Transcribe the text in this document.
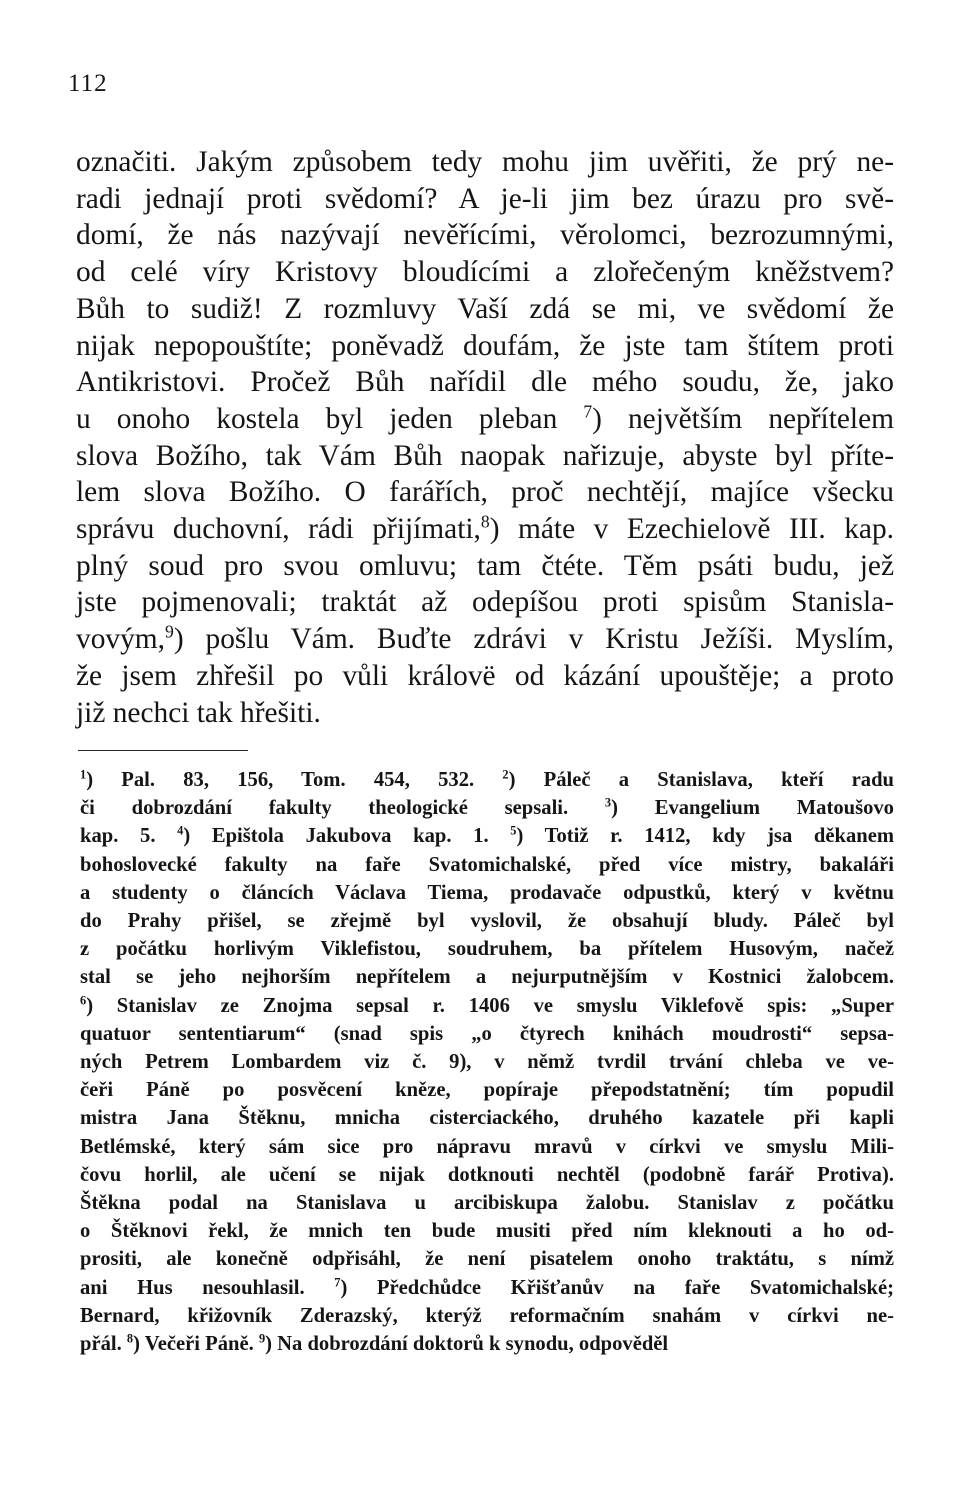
112
označiti. Jakým způsobem tedy mohu jim uvěřiti, že prý ne-
radi jednají proti svědomí? A je-li jim bez úrazu pro svě-
domí, že nás nazývají nevěřícími, věrolomci, bezrozumnými,
od celé víry Kristovy bloudícími a zlořečeným kněžstvem?
Bůh to sudiž! Z rozmluvy Vaší zdá se mi, ve svědomí že
nijak nepopouštíte; poněvadž doufám, že jste tam štítem proti
Antikristovi. Pročež Bůh nařídil dle mého soudu, že, jako
u onoho kostela byl jeden pleban $^7$) největším nepřítelem
slova Božího, tak Vám Bůh naopak nařizuje, abyste byl příte-
lem slova Božího. O farářích, proč nechtějí, majíce všecku
správu duchovní, rádi přijímati,$^8$) máte v Ezechielově III. kap.
plný soud pro svou omluvu; tam čtéte. Těm psáti budu, jež
jste pojmenovali; traktát až odepíšou proti spisům Stanisla-
vovým,$^9$) pošlu Vám. Buďte zdrávi v Kristu Ježíši. Myslím,
že jsem zhřešil po vůli královë od kázání upouštěje; a proto
již nechci tak hřešiti.
$^1$) Pal. 83, 156, Tom. 454, 532. $^2$) Páleč a Stanislava, kteří radu
či dobrozdání fakulty theologické sepsali. $^3$) Evangelium Matoušovo
kap. 5. $^4$) Epištola Jakubova kap. 1. $^5$) Totiž r. 1412, kdy jsa děkanem
bohoslovecké fakulty na faře Svatomichalské, před více mistry, bakaláři
a studenty o článcích Václava Tiema, prodavače odpustků, který v květnu
do Prahy přišel, se zřejmě byl vyslovil, že obsahují bludy. Páleč byl
z počátku horlivým Viklefistou, soudruhem, ba přítelem Husovým, načež
stal se jeho nejhorším nepřítelem a nejurputnějším v Kostnici žalobcem.
$^6$) Stanislav ze Znojma sepsal r. 1406 ve smyslu Viklefově spis: „Super
quatuor sententiarum“ (snad spis „o čtyrech knihách moudrosti“ sepsa-
ných Petrem Lombardem viz č. 9), v němž tvrdil trvání chleba ve ve-
čeři Páně po posvěcení kněze, popíraje přepodstatnění; tím popudil
mistra Jana Štěknu, mnicha cisterciackého, druhého kazatele při kapli
Betlémské, který sám sice pro nápravu mravů v církvi ve smyslu Mili-
čovu horlil, ale učení se nijak dotknouti nechtěl (podobně farář Protiva).
Štěkna podal na Stanislava u arcibiskupa žalobu. Stanislav z počátku
o Štěknovi řekl, že mnich ten bude musiti před ním kleknouti a ho od-
prositi, ale konečně odpřisáhl, že není pisatelem onoho traktátu, s nímž
ani Hus nesouhlasil. $^7$) Předchůdce Křišťanův na faře Svatomichalské;
Bernard, křižovník Zderazský, kterýž reformačním snahám v církvi ne-
přál. $^8$) Večeři Páně. $^9$) Na dobrozdání doktorů k synodu, odpověděl
